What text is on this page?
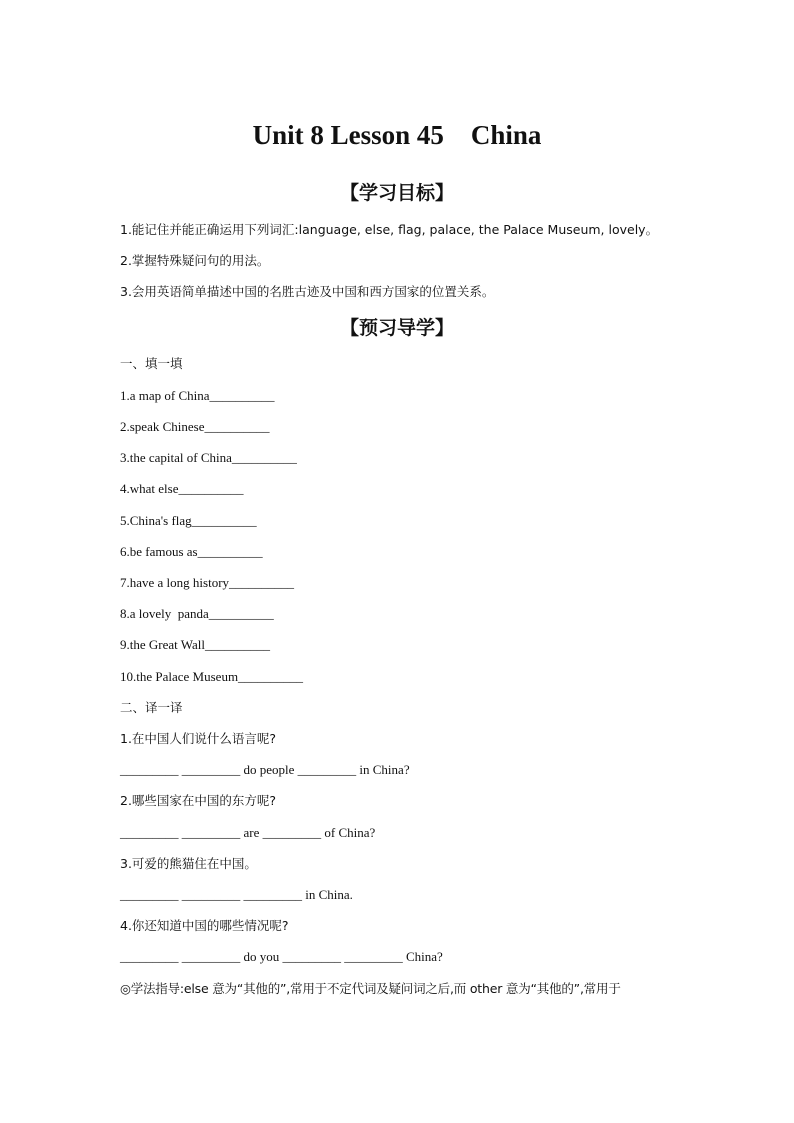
Unit 8 Lesson 45    China
【学习目标】
1.能记住并能正确运用下列词汇:language, else, flag, palace, the Palace Museum, lovely。
2.掌握特殊疑问句的用法。
3.会用英语简单描述中国的名胜古迹及中国和西方国家的位置关系。
【预习导学】
一、填一填
1.a map of China__________
2.speak Chinese__________
3.the capital of China__________
4.what else__________
5.China's flag__________
6.be famous as__________
7.have a long history__________
8.a lovely  panda__________
9.the Great Wall__________
10.the Palace Museum__________
二、译一译
1.在中国人们说什么语言呢?
_________ _________ do people _________ in China?
2.哪些国家在中国的东方呢?
_________ _________ are _________ of China?
3.可爱的熊猫住在中国。
_________ _________ _________ in China.
4.你还知道中国的哪些情况呢?
_________ _________ do you _________ _________ China?
◎学法指导:else 意为“其他的”,常用于不定代词及疑问词之后,而 other 意为“其他的”,常用于
